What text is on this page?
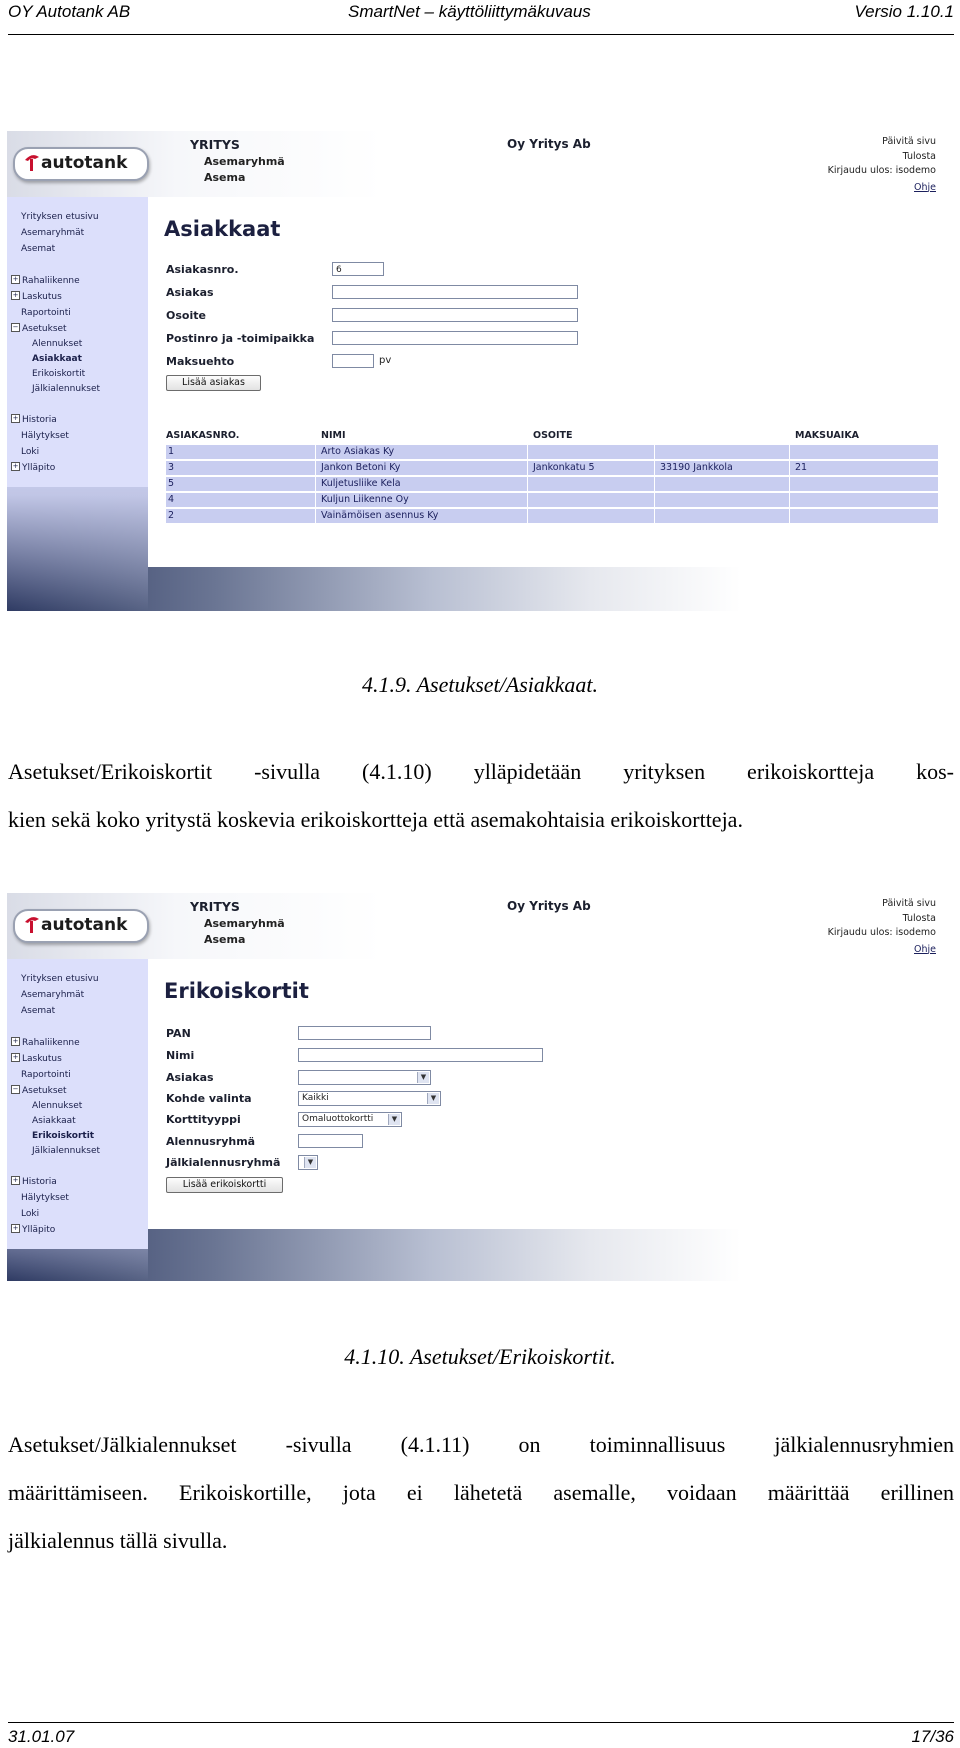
OY Autotank AB	SmartNet – käyttöliittymäkuvaus	Versio 1.10.1
autotank
YRITYS
Asemaryhmä
Asema
Oy Yritys Ab	Päivitä sivu
Tulosta
Kirjaudu ulos: isodemo
Ohje
Yrityksen etusivu
Asemaryhmät
Asemat
+ Rahaliikenne
+ Laskutus
Raportointi
− Asetukset
Alennukset
Asiakkaat
Erikoiskortit
Jälkialennukset
+ Historia
Hälytykset
Loki
+ Ylläpito
Asiakkaat
Asiakasnro.	6
Asiakas
Osoite
Postinro ja -toimipaikka
Maksuehto	pv
Lisää asiakas
ASIAKASNRO.	NIMI	OSOITE	MAKSUAIKA
1	Arto Asiakas Ky
3	Jankon Betoni Ky	Jankonkatu 5	33190 Jankkola	21
5	Kuljetusliike Kela
4	Kuljun Liikenne Oy
2	Vainämöisen asennus Ky
4.1.9. Asetukset/Asiakkaat.
Asetukset/Erikoiskortit -sivulla (4.1.10) ylläpidetään yrityksen erikoiskortteja kos-
kien sekä koko yritystä koskevia erikoiskortteja että asemakohtaisia erikoiskortteja.
autotank
YRITYS
Asemaryhmä
Asema
Oy Yritys Ab	Päivitä sivu
Tulosta
Kirjaudu ulos: isodemo
Ohje
Yrityksen etusivu
Asemaryhmät
Asemat
+ Rahaliikenne
+ Laskutus
Raportointi
− Asetukset
Alennukset
Asiakkaat
Erikoiskortit
Jälkialennukset
+ Historia
Hälytykset
Loki
+ Ylläpito
Erikoiskortit
PAN
Nimi
Asiakas	▼
Kohde valinta	Kaikki	▼
Korttityyppi	Omaluottokortti	▼
Alennusryhmä
Jälkialennusryhmä	▼
Lisää erikoiskortti
4.1.10. Asetukset/Erikoiskortit.
Asetukset/Jälkialennukset -sivulla (4.1.11) on toiminnallisuus jälkialennusryhmien
määrittämiseen. Erikoiskortille, jota ei lähetetä asemalle, voidaan määrittää erillinen
jälkialennus tällä sivulla.
31.01.07	17/36
